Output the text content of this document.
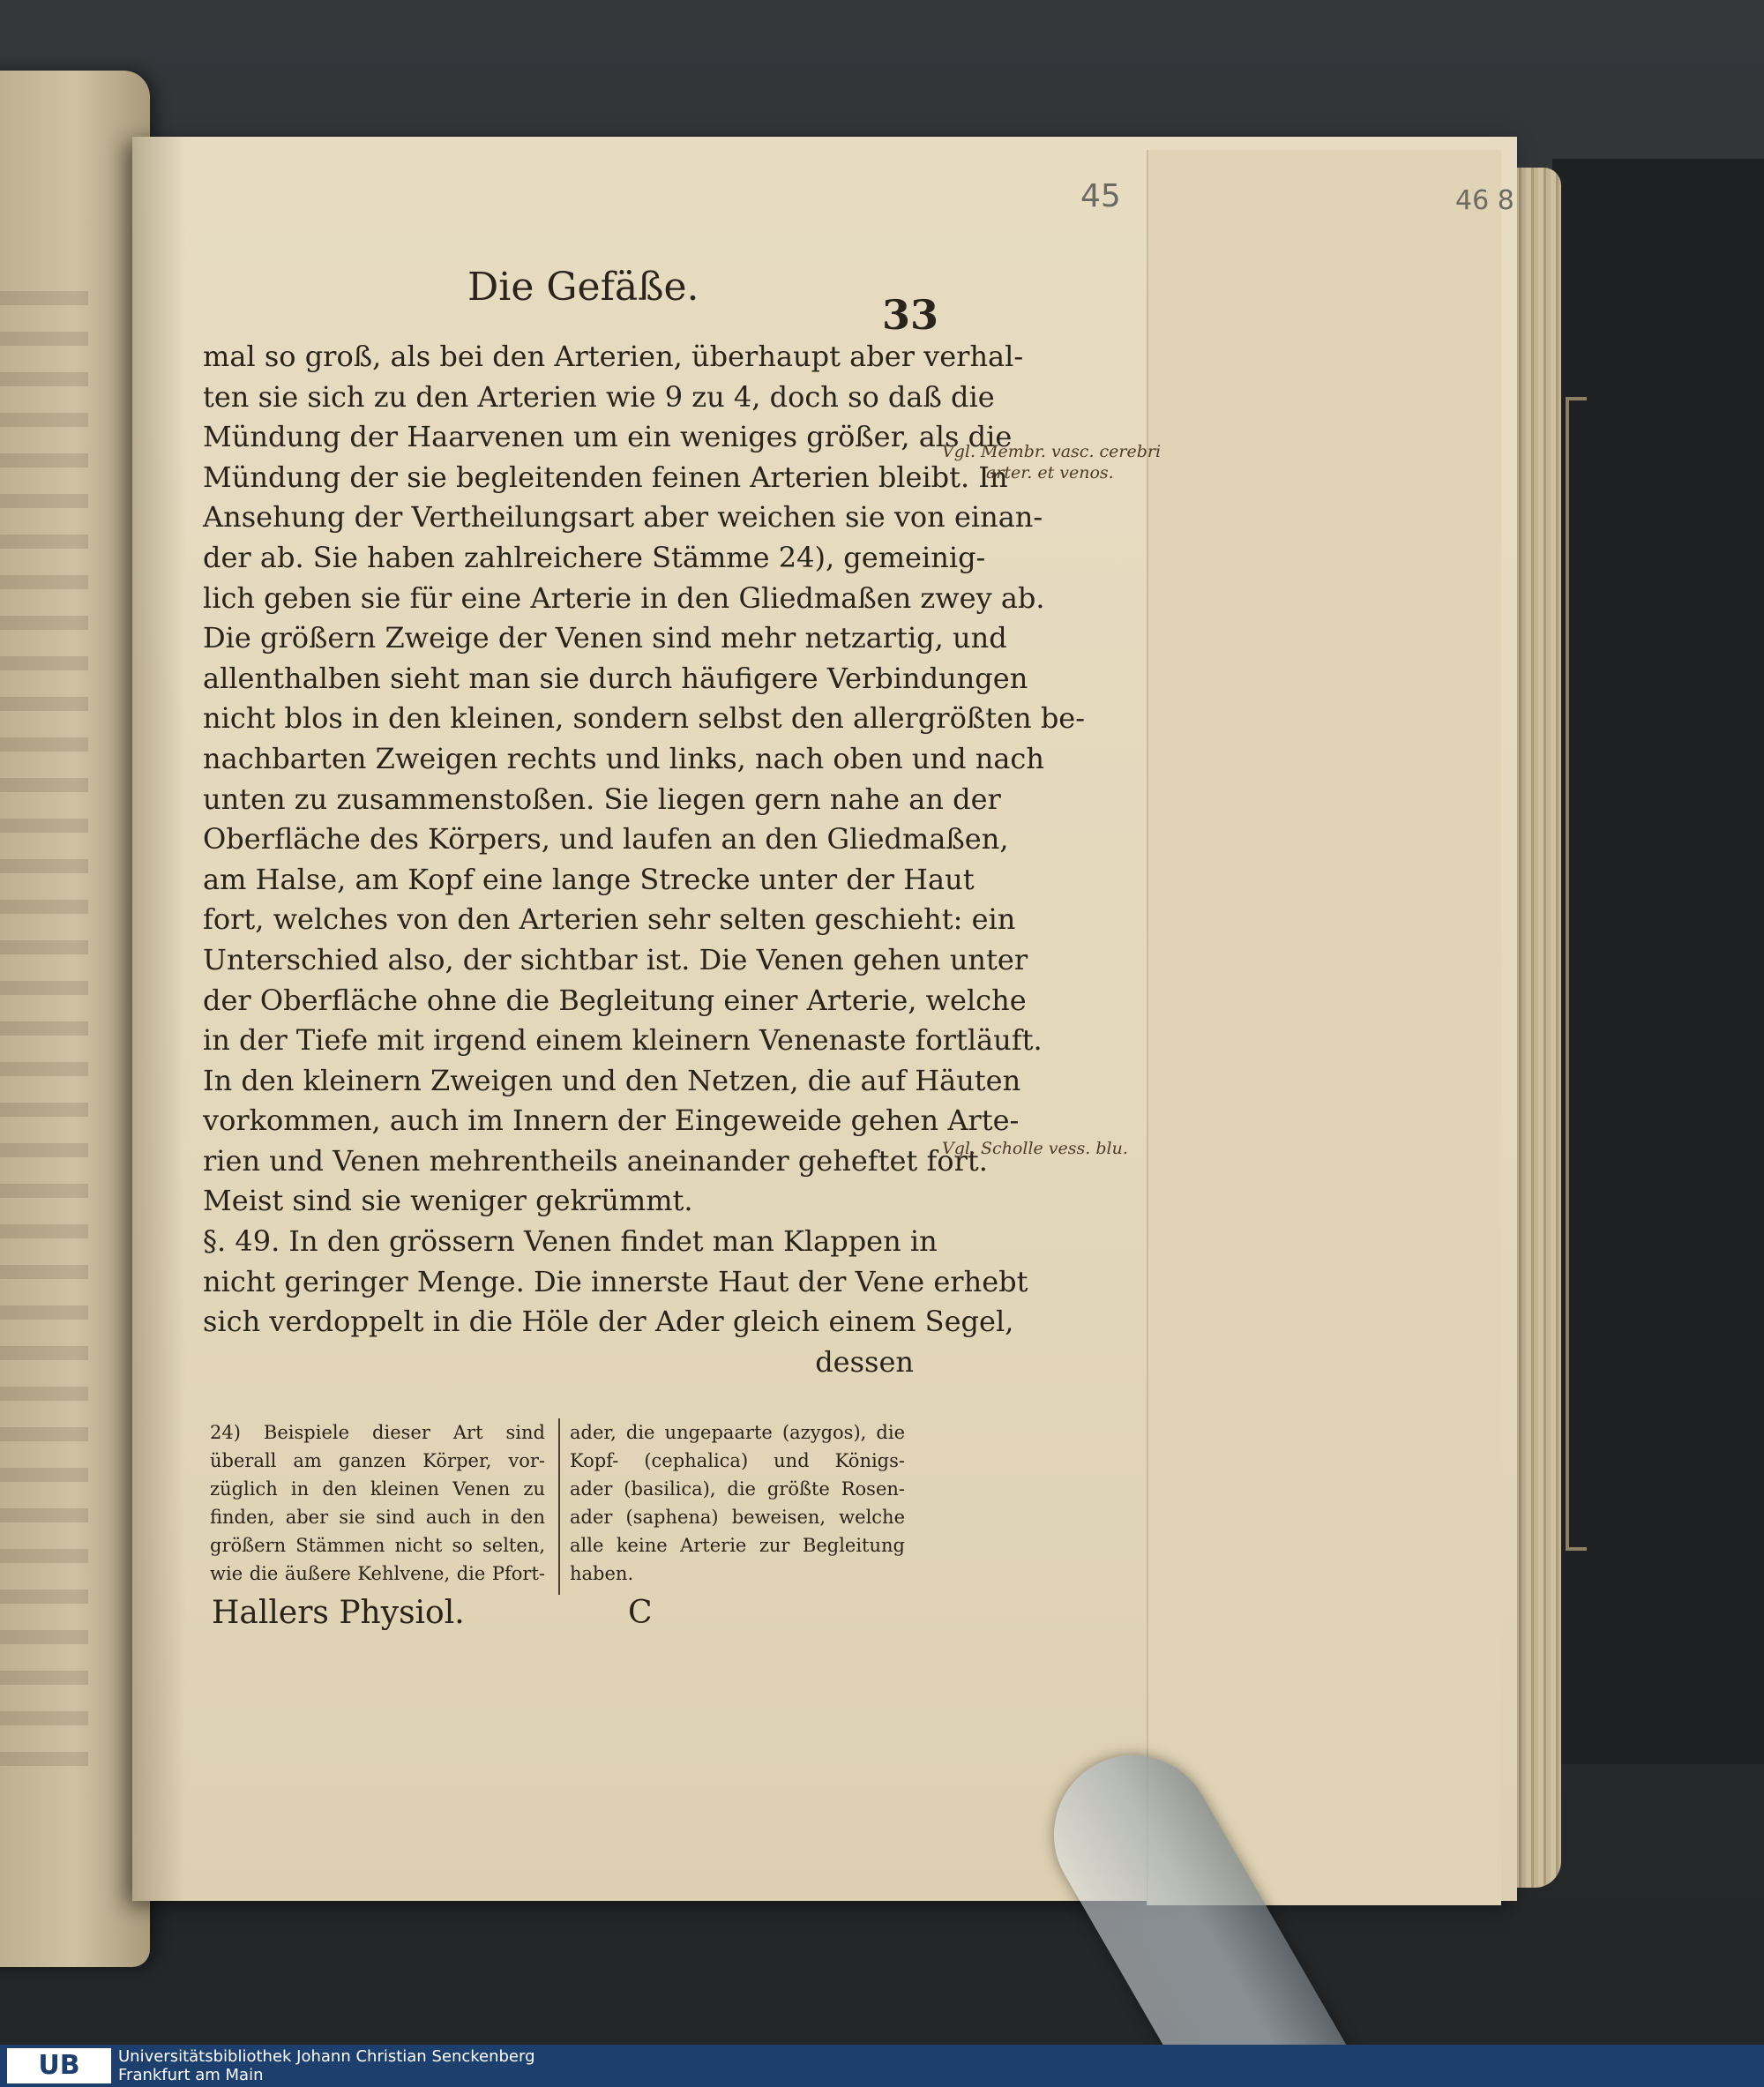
45	46 8
Die Gefäße.
33
mal so groß, als bei den Arterien, überhaupt aber verhal-
ten sie sich zu den Arterien wie 9 zu 4, doch so daß die
Mündung der Haarvenen um ein weniges größer, als die
Mündung der sie begleitenden feinen Arterien bleibt. In
Ansehung der Vertheilungsart aber weichen sie von einan-
der ab. Sie haben zahlreichere Stämme 24), gemeinig-
lich geben sie für eine Arterie in den Gliedmaßen zwey ab.
Die größern Zweige der Venen sind mehr netzartig, und
allenthalben sieht man sie durch häufigere Verbindungen
nicht blos in den kleinen, sondern selbst den allergrößten be-
nachbarten Zweigen rechts und links, nach oben und nach
unten zu zusammenstoßen. Sie liegen gern nahe an der
Oberfläche des Körpers, und laufen an den Gliedmaßen,
am Halse, am Kopf eine lange Strecke unter der Haut
fort, welches von den Arterien sehr selten geschieht: ein
Unterschied also, der sichtbar ist. Die Venen gehen unter
der Oberfläche ohne die Begleitung einer Arterie, welche
in der Tiefe mit irgend einem kleinern Venenaste fortläuft.
In den kleinern Zweigen und den Netzen, die auf Häuten
vorkommen, auch im Innern der Eingeweide gehen Arte-
rien und Venen mehrentheils aneinander geheftet fort.
Meist sind sie weniger gekrümmt.
§. 49. In den grössern Venen findet man Klappen in
nicht geringer Menge. Die innerste Haut der Vene erhebt
sich verdoppelt in die Höle der Ader gleich einem Segel,
dessen
24) Beispiele dieser Art sind
überall am ganzen Körper, vor-
züglich in den kleinen Venen zu
finden, aber sie sind auch in den
größern Stämmen nicht so selten,
wie die äußere Kehlvene, die Pfort-
ader, die ungepaarte (azygos), die
Kopf- (cephalica) und Königs-
ader (basilica), die größte Rosen-
ader (saphena) beweisen, welche
alle keine Arterie zur Begleitung
haben.
Hallers Physiol.	C
Vgl. Membr. vasc. cerebri
arter. et venos.
Vgl. Scholle vess. blu.
UB	Universitätsbibliothek Johann Christian Senckenberg
Frankfurt am Main
